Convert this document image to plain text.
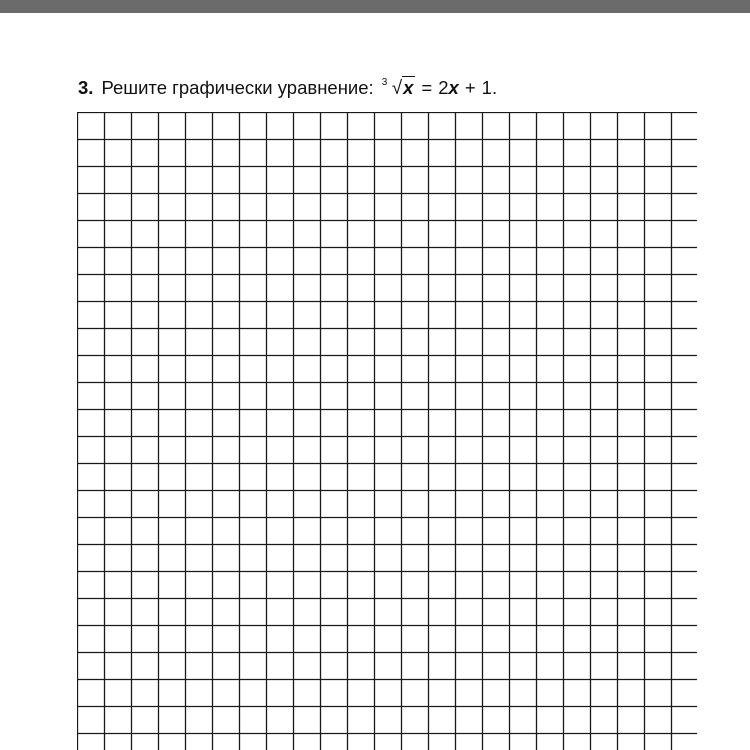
3. Решите графически уравнение: 3 √x = 2x + 1.
